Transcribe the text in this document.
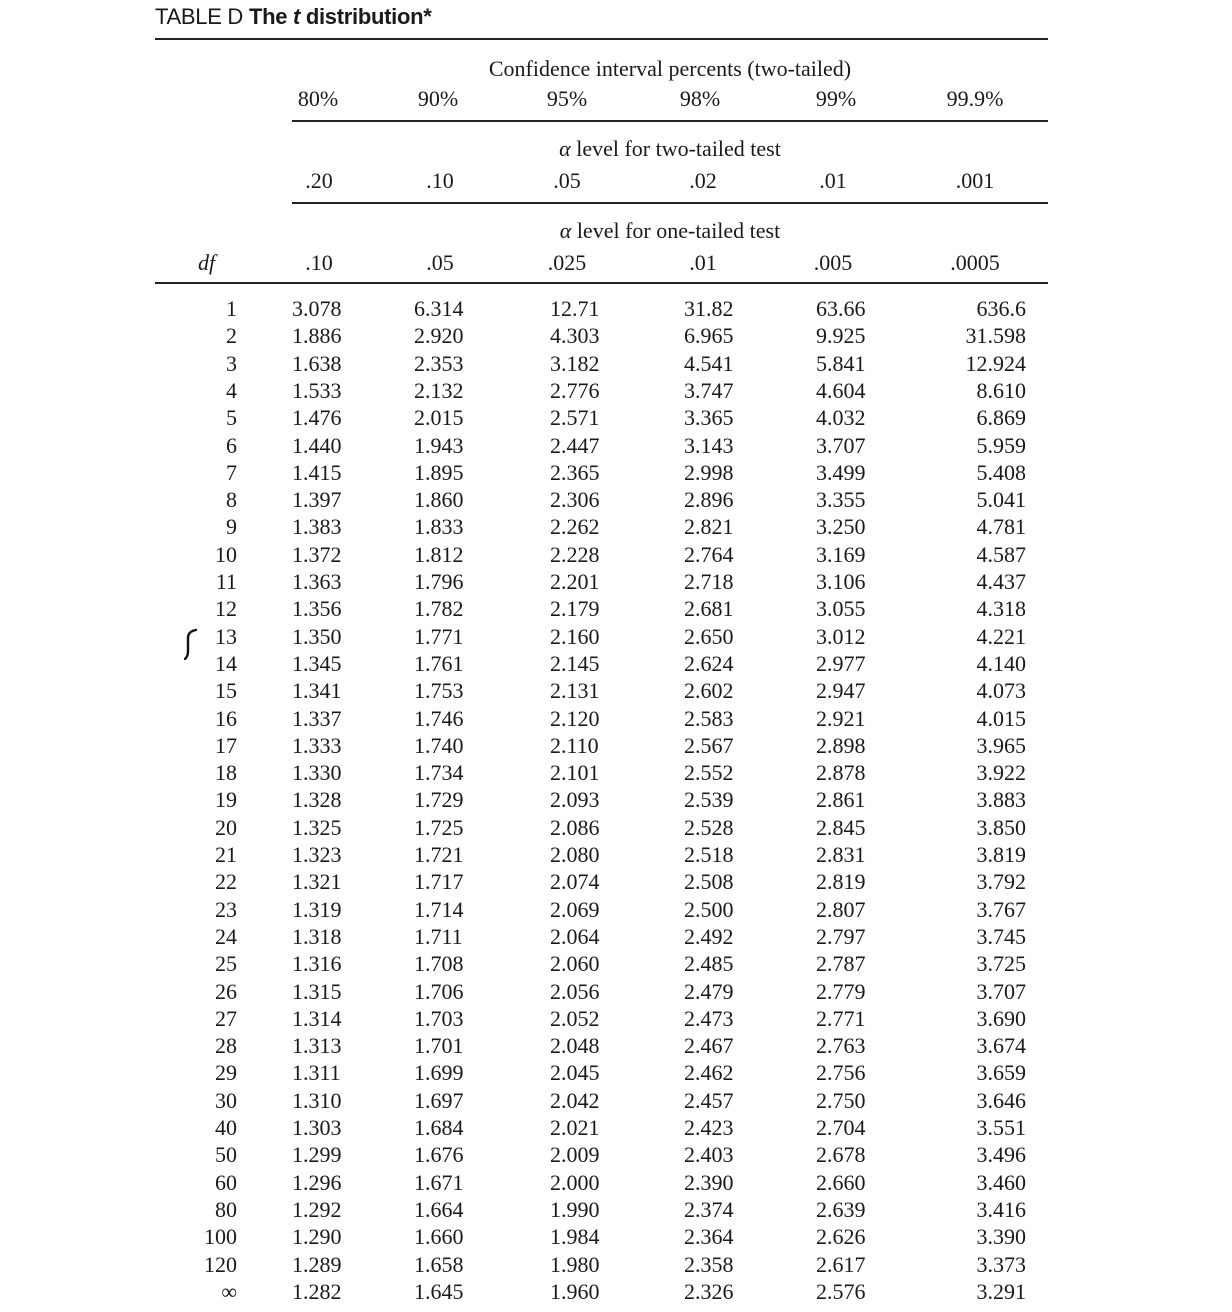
TABLE D The t distribution*
Confidence interval percents (two-tailed)
80%	90%	95%	98%	99%	99.9%
α level for two-tailed test
.20	.10	.05	.02	.01	.001
α level for one-tailed test
.10	.05	.025	.01	.005	.0005
df
1	3.078	6.314	12.71	31.82	63.66	636.6
2	1.886	2.920	4.303	6.965	9.925	31.598
3	1.638	2.353	3.182	4.541	5.841	12.924
4	1.533	2.132	2.776	3.747	4.604	8.610
5	1.476	2.015	2.571	3.365	4.032	6.869
6	1.440	1.943	2.447	3.143	3.707	5.959
7	1.415	1.895	2.365	2.998	3.499	5.408
8	1.397	1.860	2.306	2.896	3.355	5.041
9	1.383	1.833	2.262	2.821	3.250	4.781
10	1.372	1.812	2.228	2.764	3.169	4.587
11	1.363	1.796	2.201	2.718	3.106	4.437
12	1.356	1.782	2.179	2.681	3.055	4.318
13	1.350	1.771	2.160	2.650	3.012	4.221
14	1.345	1.761	2.145	2.624	2.977	4.140
15	1.341	1.753	2.131	2.602	2.947	4.073
16	1.337	1.746	2.120	2.583	2.921	4.015
17	1.333	1.740	2.110	2.567	2.898	3.965
18	1.330	1.734	2.101	2.552	2.878	3.922
19	1.328	1.729	2.093	2.539	2.861	3.883
20	1.325	1.725	2.086	2.528	2.845	3.850
21	1.323	1.721	2.080	2.518	2.831	3.819
22	1.321	1.717	2.074	2.508	2.819	3.792
23	1.319	1.714	2.069	2.500	2.807	3.767
24	1.318	1.711	2.064	2.492	2.797	3.745
25	1.316	1.708	2.060	2.485	2.787	3.725
26	1.315	1.706	2.056	2.479	2.779	3.707
27	1.314	1.703	2.052	2.473	2.771	3.690
28	1.313	1.701	2.048	2.467	2.763	3.674
29	1.311	1.699	2.045	2.462	2.756	3.659
30	1.310	1.697	2.042	2.457	2.750	3.646
40	1.303	1.684	2.021	2.423	2.704	3.551
50	1.299	1.676	2.009	2.403	2.678	3.496
60	1.296	1.671	2.000	2.390	2.660	3.460
80	1.292	1.664	1.990	2.374	2.639	3.416
100	1.290	1.660	1.984	2.364	2.626	3.390
120	1.289	1.658	1.980	2.358	2.617	3.373
∞	1.282	1.645	1.960	2.326	2.576	3.291
